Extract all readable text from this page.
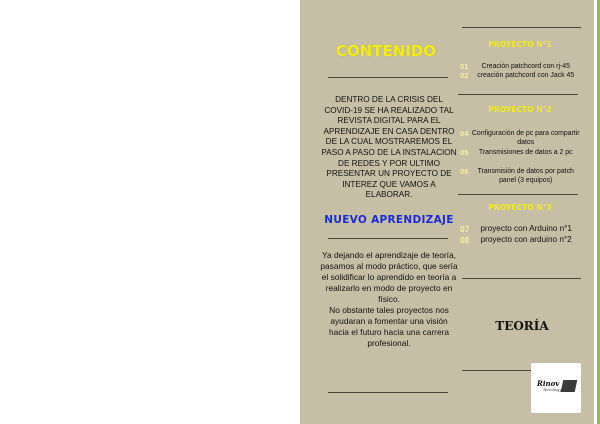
CONTENIDO
DENTRO DE LA CRISIS DEL COVID-19 SE HA REALIZADO TAL REVISTA DIGITAL PARA EL APRENDIZAJE EN CASA DENTRO DE LA CUAL MOSTRAREMOS EL PASO A PASO DE LA INSTALACION DE REDES Y POR ULTIMO PRESENTAR UN PROYECTO DE INTEREZ QUE VAMOS A ELABORAR.
NUEVO APRENDIZAJE
Ya dejando el aprendizaje de teoría, pasamos al modo práctico, que sería el solidificar lo aprendido en teoría a realizarlo en modo de proyecto en físico.
No obstante tales proyectos nos ayudaran a fomentar una visión hacia el futuro hacia una carrera profesional.
PROYECTO N°1
01	Creación patchcord con rj-45
02	creación patchcord con Jack 45
PROYECTO N°2
04 Configuración de pc para compartir datos
05	Transmisiones de datos a 2 pc
06	Transmisión de datos por patch panel (3 equipos)
PROYECTO N°3
07	proyecto con Arduino n°1
08	proyecto con arduino n°2
TEORÍA
Rinov
Tecnology
